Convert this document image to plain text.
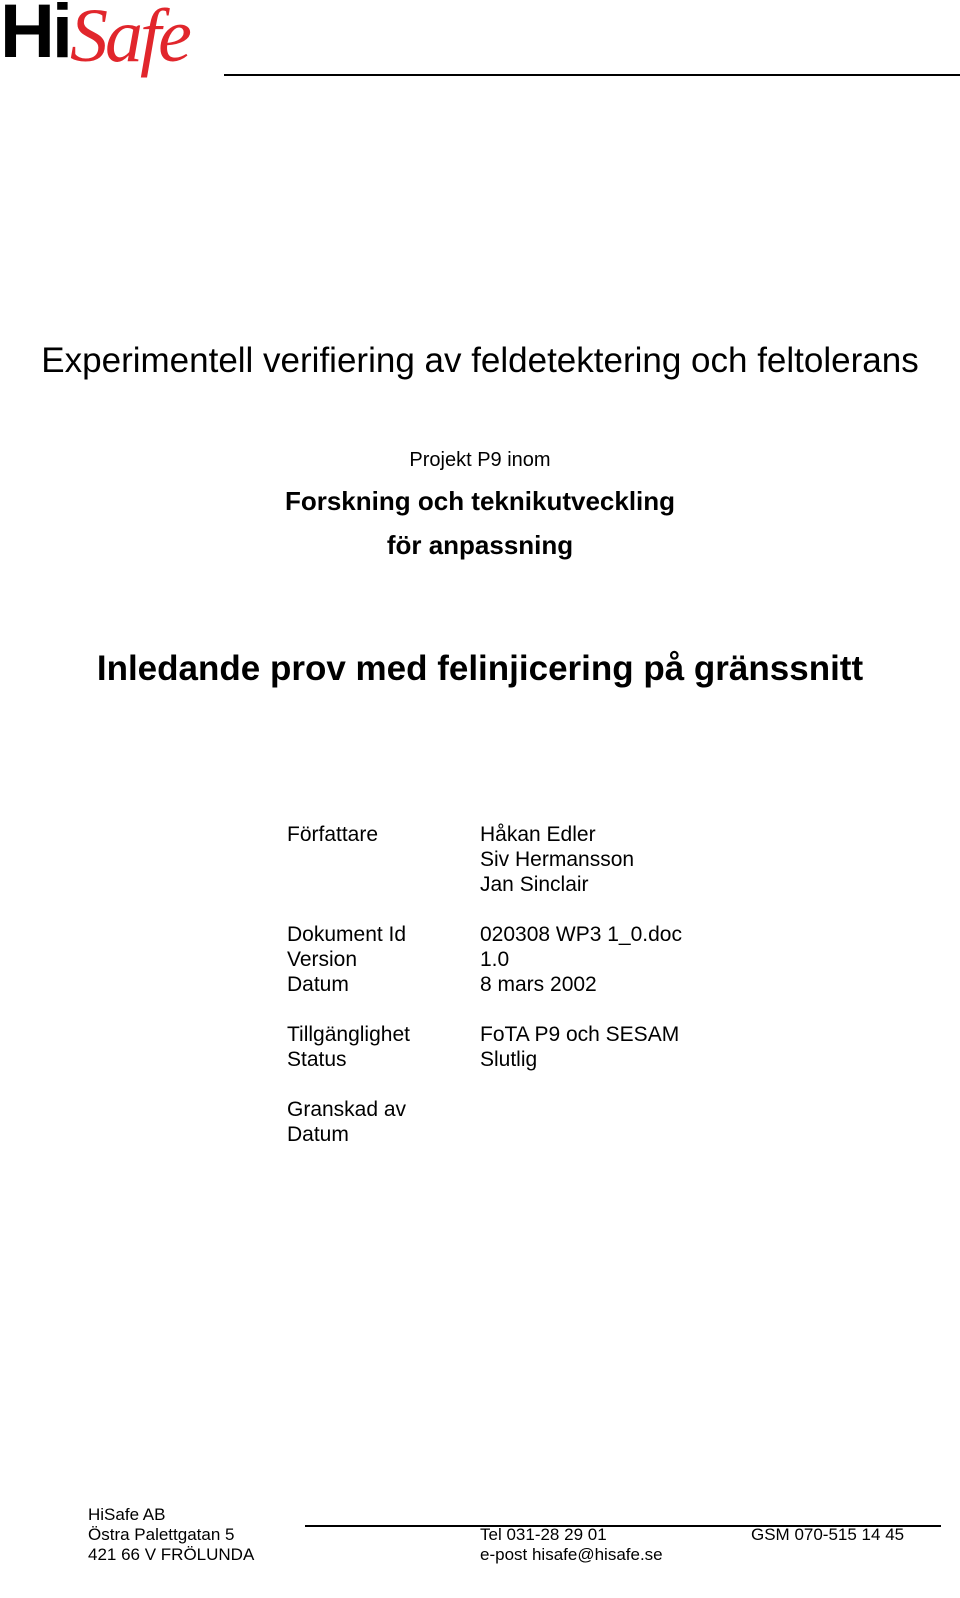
Hi Safe
Experimentell verifiering av feldetektering och feltolerans
Projekt P9 inom
Forskning och teknikutveckling
för anpassning
Inledande prov med felinjicering på gränssnitt
Författare	Håkan Edler
Siv Hermansson
Jan Sinclair
Dokument Id	020308 WP3 1_0.doc
Version	1.0
Datum	8 mars 2002
Tillgänglighet	FoTA P9 och SESAM
Status	Slutlig
Granskad av
Datum
HiSafe AB
Östra Palettgatan 5
421 66 V FRÖLUNDA
Tel 031-28 29 01
e-post hisafe@hisafe.se
GSM 070-515 14 45
